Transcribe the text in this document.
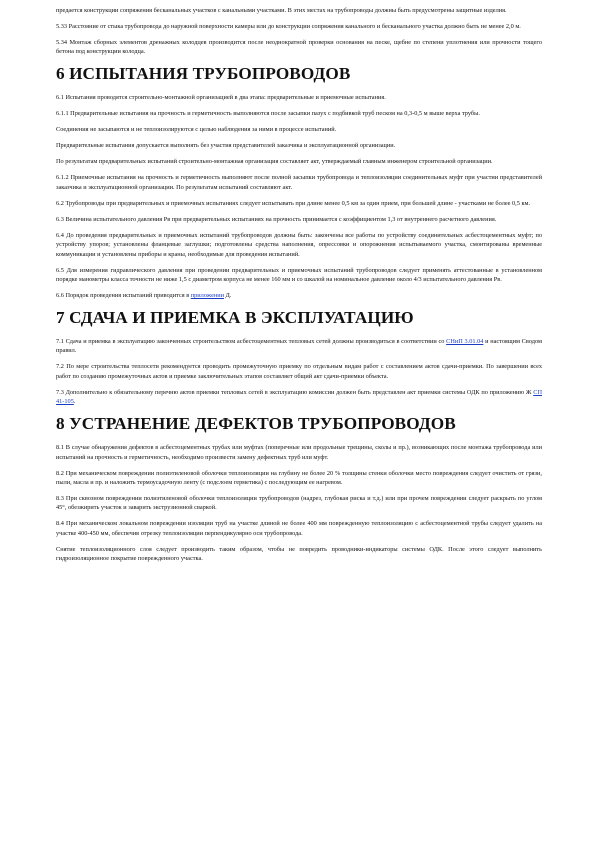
предается конструкции сопряжения бесканальных участков с канальными участками. В этих местах на трубопроводы должны быть предусмотрены защитные изделия.

5.33 Расстояние от стыка трубопровода до наружной поверхности камеры или до конструкции сопряжения канального и бесканального участка должно быть не менее 2,0 м.

5.34 Монтаж сборных элементов дренажных колодцев производится после неоднократной проверки основания на песке, щебне по степени уплотнения или прочности тощего бетона под конструкции колодца.

6 ИСПЫТАНИЯ ТРУБОПРОВОДОВ

6.1 Испытания проводятся строительно-монтажной организацией в два этапа: предварительные и приемочные испытания.

6.1.1 Предварительные испытания на прочность и герметичность выполняются после засыпки пазух с подбивкой труб песком на 0,3-0,5 м выше верха трубы.

Соединения не засыпаются и не теплоизолируются с целью наблюдения за ними в процессе испытаний.

Предварительные испытания допускается выполнять без участия представителей заказчика и эксплуатационной организации.

По результатам предварительных испытаний строительно-монтажная организация составляет акт, утверждаемый главным инженером строительной организации.

6.1.2 Приемочные испытания на прочность и герметичность выполняют после полной засыпки трубопровода и теплоизоляции соединительных муфт при участии представителей заказчика и эксплуатационной организации. По результатам испытаний составляют акт.

6.2 Трубопроводы при предварительных и приемочных испытаниях следует испытывать при длине менее 0,5 км за один прием, при большей длине - участками не более 0,5 км.

6.3 Величина испытательного давления Рв при предварительных испытаниях на прочность принимается с коэффициентом 1,3 от внутреннего расчетного давления.

6.4 До проведения предварительных и приемочных испытаний трубопроводов должны быть: закончены все работы по устройству соединительных асбестоцементных муфт; по устройству упоров; установлены фланцевые заглушки; подготовлены средства наполнения, опрессовки и опорожнения испытываемого участка, смонтированы временные коммуникации и установлены приборы и краны, необходимые для проведения испытаний.

6.5 Для измерения гидравлического давления при проведении предварительных и приемочных испытаний трубопроводов следует применять аттестованные в установленном порядке манометры класса точности не ниже 1,5 с диаметром корпуса не менее 160 мм и со шкалой на номинальное давление около 4/3 испытательного давления Рв.

6.6 Порядок проведения испытаний приводится в приложении Д.

7 СДАЧА И ПРИЕМКА В ЭКСПЛУАТАЦИЮ

7.1 Сдача и приемка в эксплуатацию законченных строительством асбестоцементных тепловых сетей должны производиться в соответствии со СНиП 3.01.04 и настоящим Сводом правил.

7.2 По мере строительства теплосети рекомендуется проводить промежуточную приемку по отдельным видам работ с составлением актов сдачи-приемки. По завершении всех работ по созданию промежуточных актов и приемке заключительных этапов составляет общий акт сдачи-приемки объекта.

7.3 Дополнительно к обязательному перечню актов приемки тепловых сетей в эксплуатацию комиссии должен быть представлен акт приемки системы ОДК по приложению Ж СП 41-105.

8 УСТРАНЕНИЕ ДЕФЕКТОВ ТРУБОПРОВОДОВ

8.1 В случае обнаружения дефектов в асбестоцементных трубах или муфтах (поперечные или продольные трещины, сколы и пр.), возникающих после монтажа трубопровода или испытаний на прочность и герметичность, необходимо произвести замену дефектных труб или муфт.

8.2 При механическом повреждении полиэтиленовой оболочки теплоизоляции на глубину не более 20 % толщины стенки оболочки место повреждения следует очистить от грязи, пыли, масла и пр. и наложить термоусадочную ленту (с подслоем герметика) с последующим ее нагревом.

8.3 При сквозном повреждении полиэтиленовой оболочки теплоизоляции трубопроводов (надрез, глубокая риска и т.д.) или при прочем повреждении следует раскрыть по углом 45°, обезжирить участок и заварить экструзионной сваркой.

8.4 При механическом локальном повреждении изоляции труб на участке длиной не более 400 мм поврежденную теплоизоляцию с асбестоцементной трубы следует удалить на участке 400-450 мм, обеспечив отрезку теплоизоляции перпендикулярно оси трубопровода.

Снятие теплоизоляционного слоя следует производить таким образом, чтобы не повредить проводники-индикаторы системы ОДК. После этого следует выполнить гидроизоляционное покрытие поврежденного участка.
